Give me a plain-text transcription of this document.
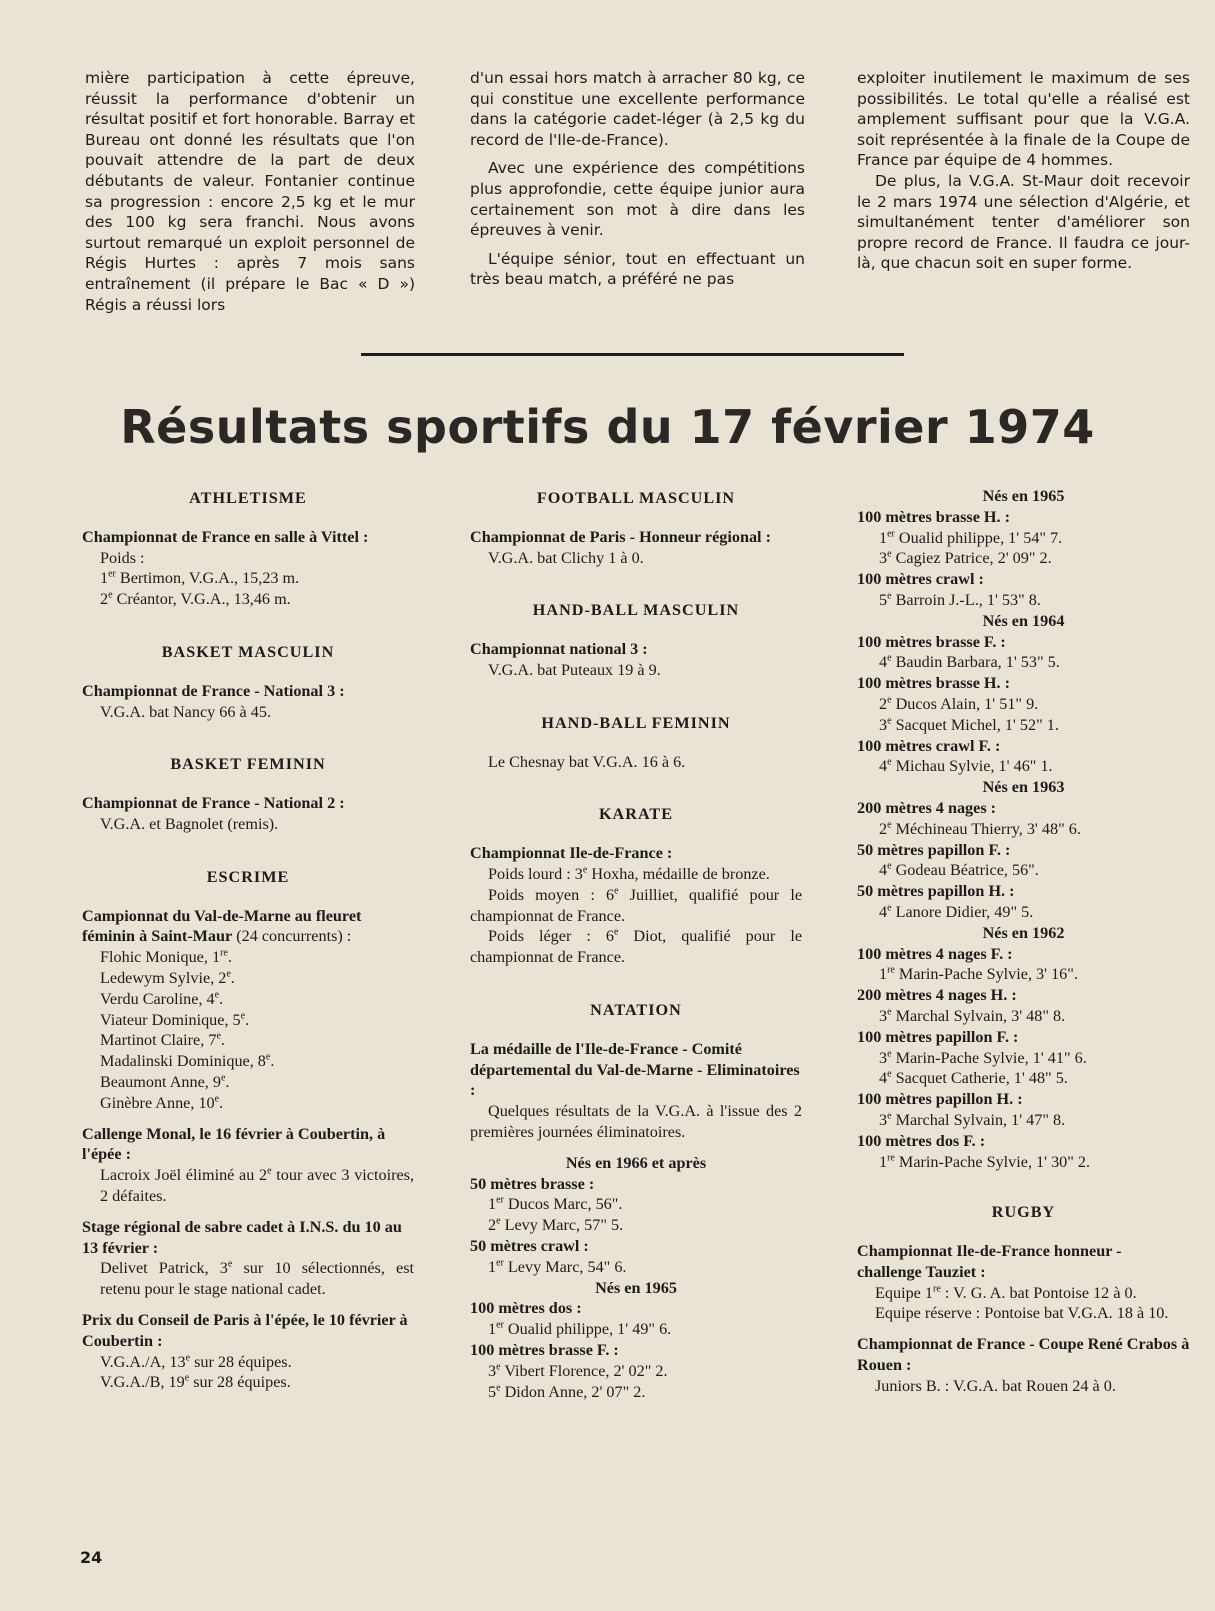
mière participation à cette épreuve, réussit la performance d'obtenir un résultat positif et fort honorable. Barray et Bureau ont donné les résultats que l'on pouvait attendre de la part de deux débutants de valeur. Fontanier continue sa progression : encore 2,5 kg et le mur des 100 kg sera franchi. Nous avons surtout remarqué un exploit personnel de Régis Hurtes : après 7 mois sans entraînement (il prépare le Bac « D ») Régis a réussi lors

d'un essai hors match à arracher 80 kg, ce qui constitue une excellente performance dans la catégorie cadet-léger (à 2,5 kg du record de l'Ile-de-France).

Avec une expérience des compétitions plus approfondie, cette équipe junior aura certainement son mot à dire dans les épreuves à venir.

L'équipe sénior, tout en effectuant un très beau match, a préféré ne pas

exploiter inutilement le maximum de ses possibilités. Le total qu'elle a réalisé est amplement suffisant pour que la V.G.A. soit représentée à la finale de la Coupe de France par équipe de 4 hommes.

De plus, la V.G.A. St-Maur doit recevoir le 2 mars 1974 une sélection d'Algérie, et simultanément tenter d'améliorer son propre record de France. Il faudra ce jour-là, que chacun soit en super forme.

Résultats sportifs du 17 février 1974
ATHLETISME
Championnat de France en salle à Vittel :
Poids :
1er Bertimon, V.G.A., 15,23 m.
2e Créantor, V.G.A., 13,46 m.
BASKET MASCULIN
Championnat de France - National 3 :
V.G.A. bat Nancy 66 à 45.
BASKET FEMININ
Championnat de France - National 2 :
V.G.A. et Bagnolet (remis).
ESCRIME
Campionnat du Val-de-Marne au fleuret féminin à Saint-Maur (24 concurrents) :
Flohic Monique, 1re.
Ledewym Sylvie, 2e.
Verdu Caroline, 4e.
Viateur Dominique, 5e.
Martinot Claire, 7e.
Madalinski Dominique, 8e.
Beaumont Anne, 9e.
Ginèbre Anne, 10e.
Callenge Monal, le 16 février à Coubertin, à l'épée :
Lacroix Joël éliminé au 2e tour avec 3 victoires, 2 défaites.
Stage régional de sabre cadet à I.N.S. du 10 au 13 février :
Delivet Patrick, 3e sur 10 sélectionnés, est retenu pour le stage national cadet.
Prix du Conseil de Paris à l'épée, le 10 février à Coubertin :
V.G.A./A, 13e sur 28 équipes.
V.G.A./B, 19e sur 28 équipes.
FOOTBALL MASCULIN
Championnat de Paris - Honneur régional :
V.G.A. bat Clichy 1 à 0.
HAND-BALL MASCULIN
Championnat national 3 :
V.G.A. bat Puteaux 19 à 9.
HAND-BALL FEMININ
Le Chesnay bat V.G.A. 16 à 6.
KARATE
Championnat Ile-de-France :
Poids lourd : 3e Hoxha, médaille de bronze.
Poids moyen : 6e Juilliet, qualifié pour le championnat de France.
Poids léger : 6e Diot, qualifié pour le championnat de France.
NATATION
La médaille de l'Ile-de-France - Comité départemental du Val-de-Marne - Eliminatoires :
Quelques résultats de la V.G.A. à l'issue des 2 premières journées éliminatoires.
Nés en 1966 et après
50 mètres brasse :
1er Ducos Marc, 56".
2e Levy Marc, 57" 5.
50 mètres crawl :
1er Levy Marc, 54" 6.
Nés en 1965
100 mètres dos :
1er Oualid philippe, 1' 49" 6.
100 mètres brasse F. :
3e Vibert Florence, 2' 02" 2.
5e Didon Anne, 2' 07" 2.
Nés en 1965
100 mètres brasse H. :
1er Oualid philippe, 1' 54" 7.
3e Cagiez Patrice, 2' 09" 2.
100 mètres crawl :
5e Barroin J.-L., 1' 53" 8.
Nés en 1964
100 mètres brasse F. :
4e Baudin Barbara, 1' 53" 5.
100 mètres brasse H. :
2e Ducos Alain, 1' 51" 9.
3e Sacquet Michel, 1' 52" 1.
100 mètres crawl F. :
4e Michau Sylvie, 1' 46" 1.
Nés en 1963
200 mètres 4 nages :
2e Méchineau Thierry, 3' 48" 6.
50 mètres papillon F. :
4e Godeau Béatrice, 56".
50 mètres papillon H. :
4e Lanore Didier, 49" 5.
Nés en 1962
100 mètres 4 nages F. :
1re Marin-Pache Sylvie, 3' 16".
200 mètres 4 nages H. :
3e Marchal Sylvain, 3' 48" 8.
100 mètres papillon F. :
3e Marin-Pache Sylvie, 1' 41" 6.
4e Sacquet Catherie, 1' 48" 5.
100 mètres papillon H. :
3e Marchal Sylvain, 1' 47" 8.
100 mètres dos F. :
1re Marin-Pache Sylvie, 1' 30" 2.
RUGBY
Championnat Ile-de-France honneur - challenge Tauziet :
Equipe 1re : V. G. A. bat Pontoise 12 à 0.
Equipe réserve : Pontoise bat V.G.A. 18 à 10.
Championnat de France - Coupe René Crabos à Rouen :
Juniors B. : V.G.A. bat Rouen 24 à 0.
24
